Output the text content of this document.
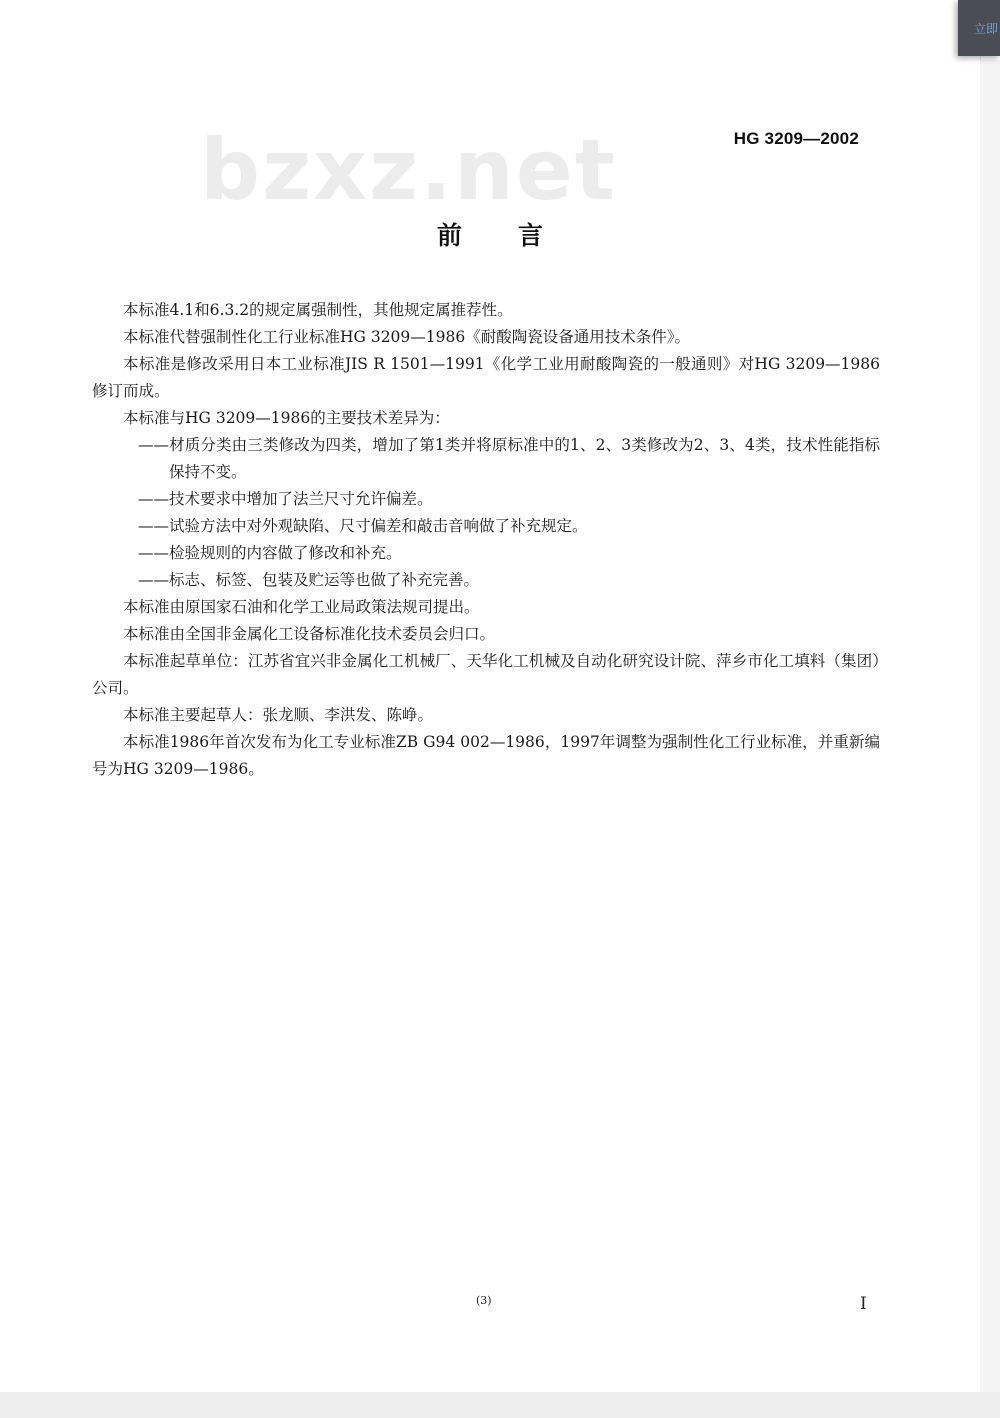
bzxz.net	HG 3209—2002
前言

本标准4.1和6.3.2的规定属强制性，其他规定属推荐性。

本标准代替强制性化工行业标准HG 3209—1986《耐酸陶瓷设备通用技术条件》。

本标准是修改采用日本工业标准JIS R 1501—1991《化学工业用耐酸陶瓷的一般通则》对HG 3209—1986修订而成。

本标准与HG 3209—1986的主要技术差异为：

——材质分类由三类修改为四类，增加了第1类并将原标准中的1、2、3类修改为2、3、4类，技术性能指标保持不变。

——技术要求中增加了法兰尺寸允许偏差。

——试验方法中对外观缺陷、尺寸偏差和敲击音响做了补充规定。

——检验规则的内容做了修改和补充。

——标志、标签、包装及贮运等也做了补充完善。

本标准由原国家石油和化学工业局政策法规司提出。

本标准由全国非金属化工设备标准化技术委员会归口。

本标准起草单位：江苏省宜兴非金属化工机械厂、天华化工机械及自动化研究设计院、萍乡市化工填料（集团）公司。

本标准主要起草人：张龙顺、李洪发、陈峥。

本标准1986年首次发布为化工专业标准ZB G94 002—1986，1997年调整为强制性化工行业标准，并重新编号为HG 3209—1986。

(3)	I
立即
